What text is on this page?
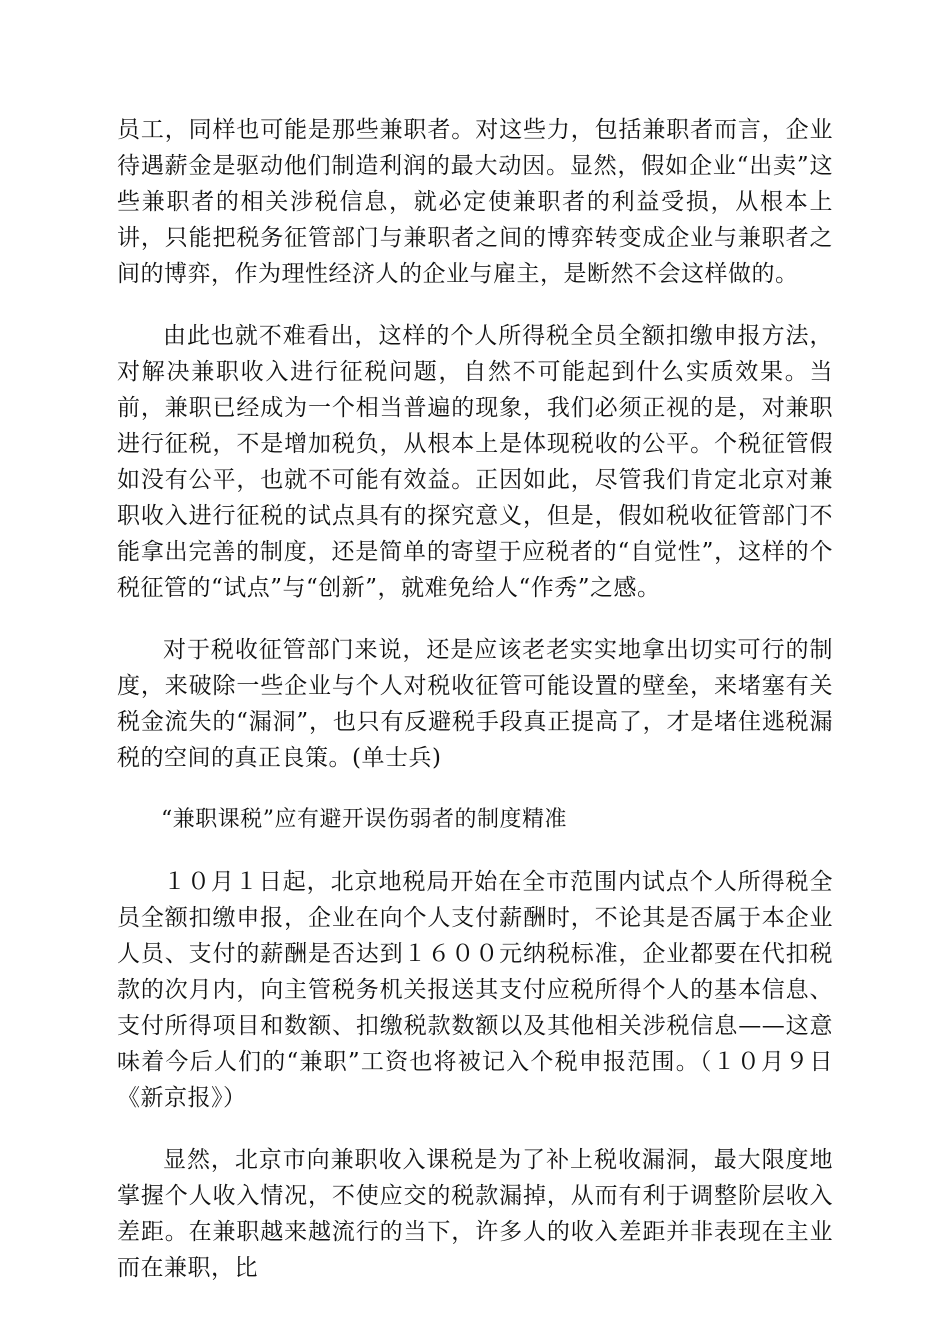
员工，同样也可能是那些兼职者。对这些力，包括兼职者而言，企业待遇薪金是驱动他们制造利润的最大动因。显然，假如企业“出卖”这些兼职者的相关涉税信息，就必定使兼职者的利益受损，从根本上讲，只能把税务征管部门与兼职者之间的博弈转变成企业与兼职者之间的博弈，作为理性经济人的企业与雇主，是断然不会这样做的。

由此也就不难看出，这样的个人所得税全员全额扣缴申报方法，对解决兼职收入进行征税问题，自然不可能起到什么实质效果。当前，兼职已经成为一个相当普遍的现象，我们必须正视的是，对兼职进行征税，不是增加税负，从根本上是体现税收的公平。个税征管假如没有公平，也就不可能有效益。正因如此，尽管我们肯定北京对兼职收入进行征税的试点具有的探究意义，但是，假如税收征管部门不能拿出完善的制度，还是简单的寄望于应税者的“自觉性”，这样的个税征管的“试点”与“创新”，就难免给人“作秀”之感。

对于税收征管部门来说，还是应该老老实实地拿出切实可行的制度，来破除一些企业与个人对税收征管可能设置的壁垒，来堵塞有关税金流失的“漏洞”，也只有反避税手段真正提高了，才是堵住逃税漏税的空间的真正良策。(单士兵)

“兼职课税”应有避开误伤弱者的制度精准

１０月１日起，北京地税局开始在全市范围内试点个人所得税全员全额扣缴申报，企业在向个人支付薪酬时，不论其是否属于本企业人员、支付的薪酬是否达到１６００元纳税标准，企业都要在代扣税款的次月内，向主管税务机关报送其支付应税所得个人的基本信息、支付所得项目和数额、扣缴税款数额以及其他相关涉税信息——这意味着今后人们的“兼职”工资也将被记入个税申报范围。（１０月９日《新京报》）

显然，北京市向兼职收入课税是为了补上税收漏洞，最大限度地掌握个人收入情况，不使应交的税款漏掉，从而有利于调整阶层收入差距。在兼职越来越流行的当下，许多人的收入差距并非表现在主业而在兼职，比
